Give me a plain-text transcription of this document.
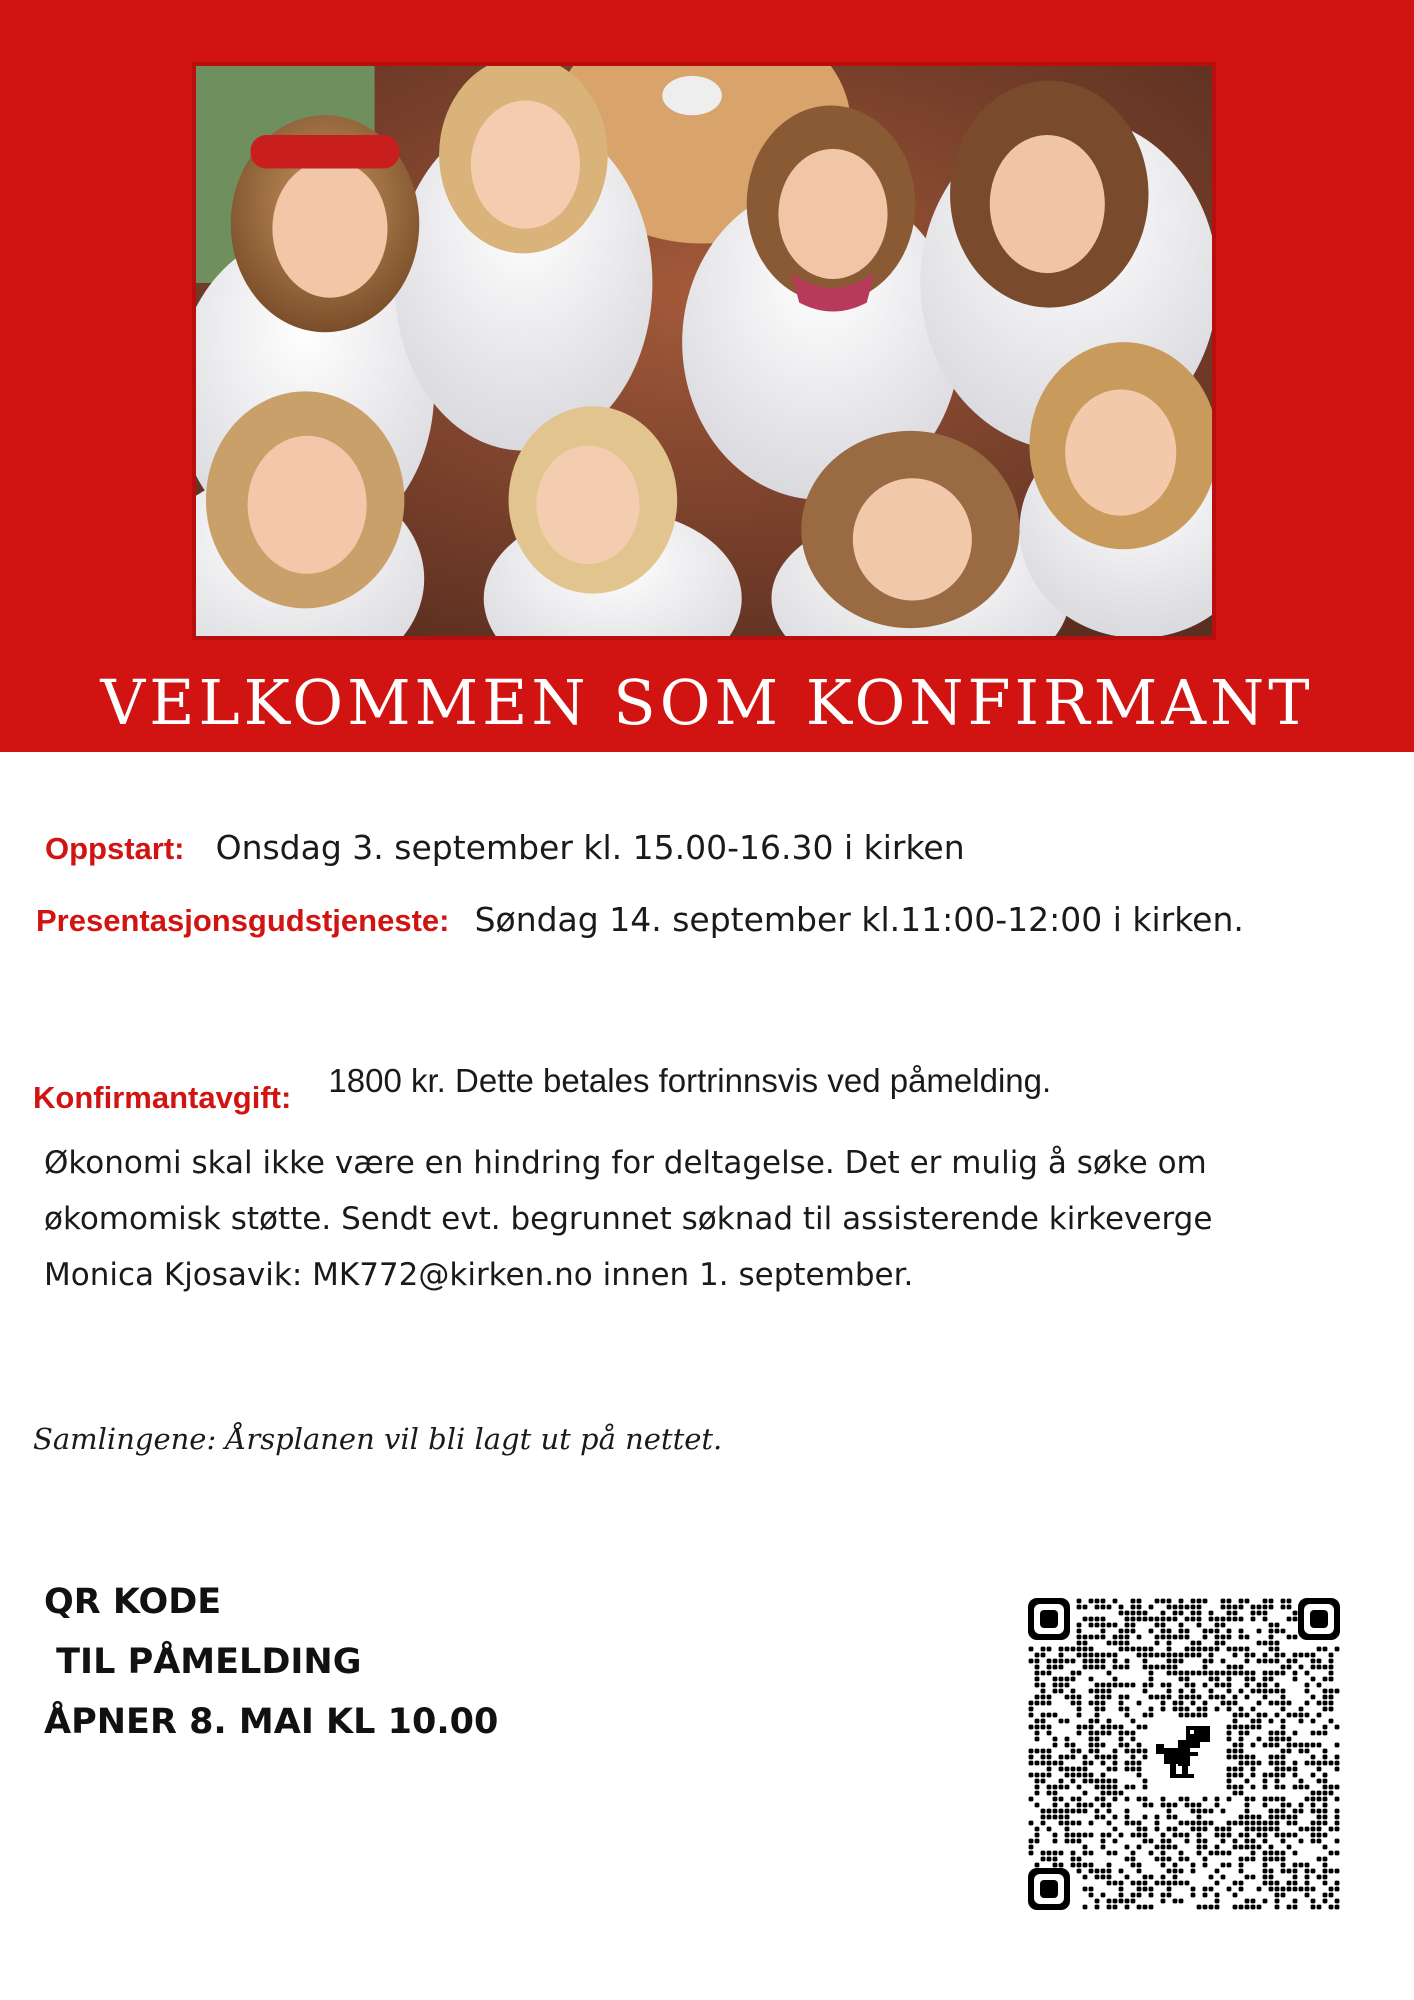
VELKOMMEN SOM KONFIRMANT
Oppstart: Onsdag 3. september kl. 15.00-16.30 i kirken
Presentasjonsgudstjeneste: Søndag 14. september kl.11:00-12:00 i kirken.
Konfirmantavgift: 1800 kr. Dette betales fortrinnsvis ved påmelding.
Økonomi skal ikke være en hindring for deltagelse. Det er mulig å søke om
økomomisk støtte. Sendt evt. begrunnet søknad til assisterende kirkeverge
Monica Kjosavik: MK772@kirken.no innen 1. september.
Samlingene: Årsplanen vil bli lagt ut på nettet.
QR KODE
TIL PÅMELDING
ÅPNER 8. MAI KL 10.00
